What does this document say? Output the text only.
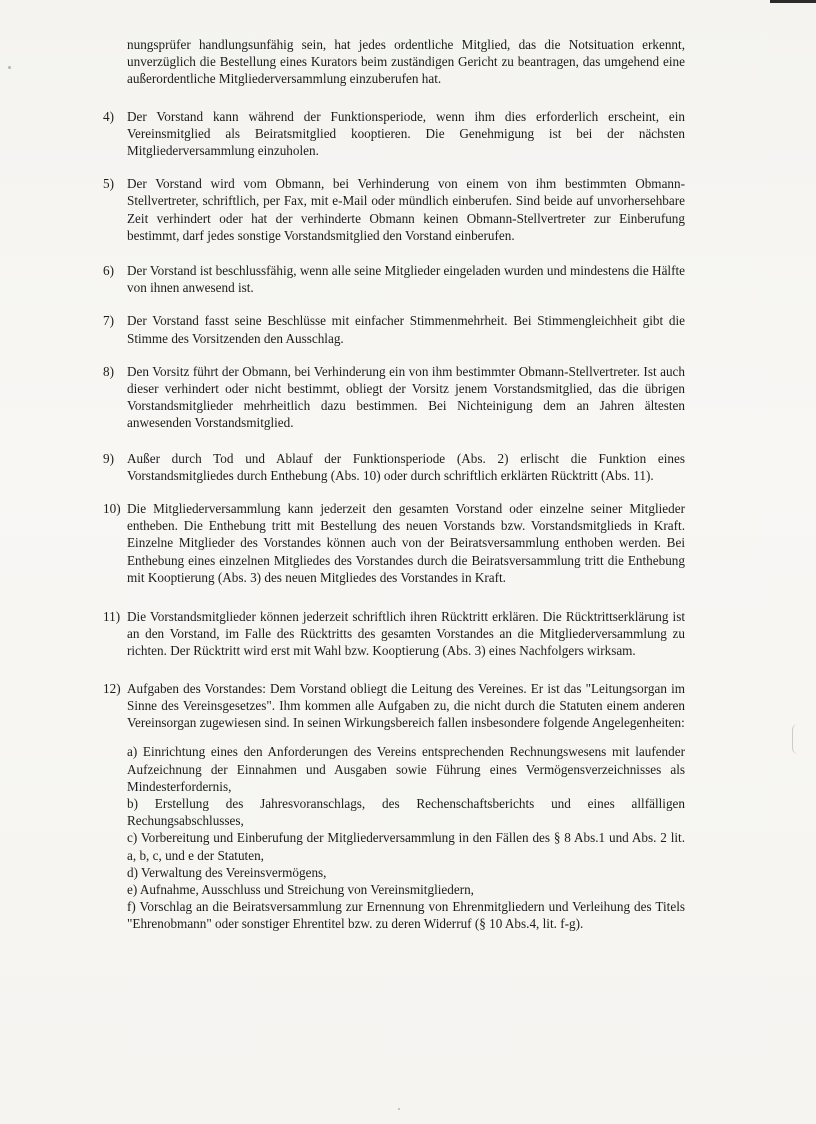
nungsprüfer handlungsunfähig sein, hat jedes ordentliche Mitglied, das die Notsituation erkennt, unverzüglich die Bestellung eines Kurators beim zuständigen Gericht zu beantragen, das umgehend eine außerordentliche Mitgliederversammlung einzuberufen hat.

4) Der Vorstand kann während der Funktionsperiode, wenn ihm dies erforderlich erscheint, ein Vereinsmitglied als Beiratsmitglied kooptieren. Die Genehmigung ist bei der nächsten Mitgliederversammlung einzuholen.
5) Der Vorstand wird vom Obmann, bei Verhinderung von einem von ihm bestimmten Obmann-Stellvertreter, schriftlich, per Fax, mit e-Mail oder mündlich einberufen. Sind beide auf unvorhersehbare Zeit verhindert oder hat der verhinderte Obmann keinen Obmann-Stellvertreter zur Einberufung bestimmt, darf jedes sonstige Vorstandsmitglied den Vorstand einberufen.
6) Der Vorstand ist beschlussfähig, wenn alle seine Mitglieder eingeladen wurden und mindestens die Hälfte von ihnen anwesend ist.
7) Der Vorstand fasst seine Beschlüsse mit einfacher Stimmenmehrheit. Bei Stimmengleichheit gibt die Stimme des Vorsitzenden den Ausschlag.
8) Den Vorsitz führt der Obmann, bei Verhinderung ein von ihm bestimmter Obmann-Stellvertreter. Ist auch dieser verhindert oder nicht bestimmt, obliegt der Vorsitz jenem Vorstandsmitglied, das die übrigen Vorstandsmitglieder mehrheitlich dazu bestimmen. Bei Nichteinigung dem an Jahren ältesten anwesenden Vorstandsmitglied.
9) Außer durch Tod und Ablauf der Funktionsperiode (Abs. 2) erlischt die Funktion eines Vorstandsmitgliedes durch Enthebung (Abs. 10) oder durch schriftlich erklärten Rücktritt (Abs. 11).
10) Die Mitgliederversammlung kann jederzeit den gesamten Vorstand oder einzelne seiner Mitglieder entheben. Die Enthebung tritt mit Bestellung des neuen Vorstands bzw. Vorstandsmitglieds in Kraft. Einzelne Mitglieder des Vorstandes können auch von der Beiratsversammlung enthoben werden. Bei Enthebung eines einzelnen Mitgliedes des Vorstandes durch die Beiratsversammlung tritt die Enthebung mit Kooptierung (Abs. 3) des neuen Mitgliedes des Vorstandes in Kraft.
11) Die Vorstandsmitglieder können jederzeit schriftlich ihren Rücktritt erklären. Die Rücktrittserklärung ist an den Vorstand, im Falle des Rücktritts des gesamten Vorstandes an die Mitgliederversammlung zu richten. Der Rücktritt wird erst mit Wahl bzw. Kooptierung (Abs. 3) eines Nachfolgers wirksam.
12) Aufgaben des Vorstandes: Dem Vorstand obliegt die Leitung des Vereines. Er ist das "Leitungsorgan im Sinne des Vereinsgesetzes". Ihm kommen alle Aufgaben zu, die nicht durch die Statuten einem anderen Vereinsorgan zugewiesen sind. In seinen Wirkungsbereich fallen insbesondere folgende Angelegenheiten:

a) Einrichtung eines den Anforderungen des Vereins entsprechenden Rechnungswesens mit laufender Aufzeichnung der Einnahmen und Ausgaben sowie Führung eines Vermögensverzeichnisses als Mindesterfordernis,

b) Erstellung des Jahresvoranschlags, des Rechenschaftsberichts und eines allfälligen Rechungsabschlusses,

c) Vorbereitung und Einberufung der Mitgliederversammlung in den Fällen des § 8 Abs.1 und Abs. 2 lit. a, b, c, und e der Statuten,

d) Verwaltung des Vereinsvermögens,

e) Aufnahme, Ausschluss und Streichung von Vereinsmitgliedern,

f) Vorschlag an die Beiratsversammlung zur Ernennung von Ehrenmitgliedern und Verleihung des Titels "Ehrenobmann" oder sonstiger Ehrentitel bzw. zu deren Widerruf (§ 10 Abs.4, lit. f-g).
